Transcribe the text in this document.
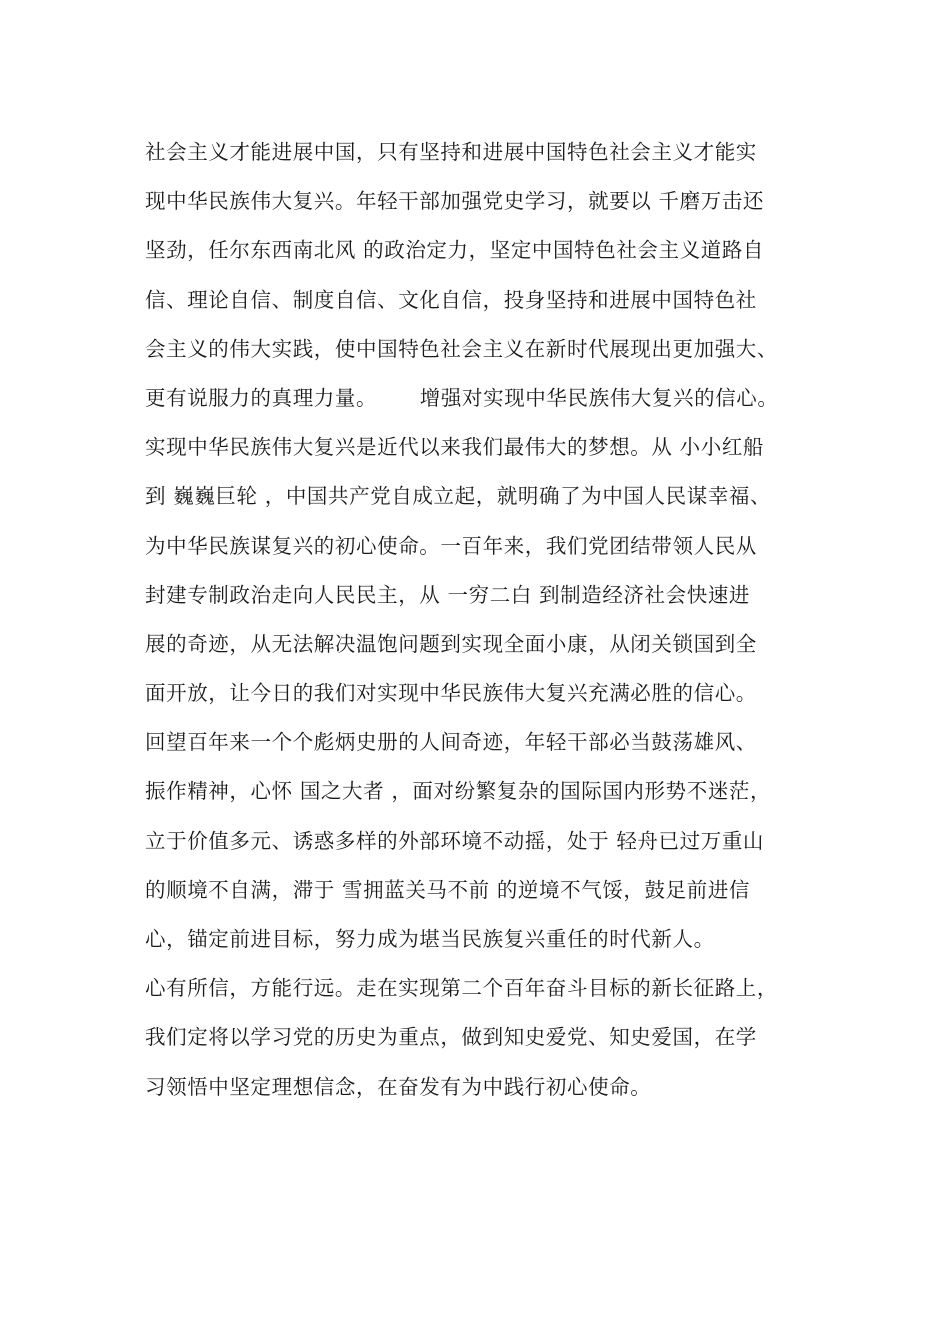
社会主义才能进展中国，只有坚持和进展中国特色社会主义才能实
现中华民族伟大复兴。年轻干部加强党史学习，就要以 千磨万击还
坚劲，任尔东西南北风 的政治定力，坚定中国特色社会主义道路自
信、理论自信、制度自信、文化自信，投身坚持和进展中国特色社
会主义的伟大实践，使中国特色社会主义在新时代展现出更加强大、
更有说服力的真理力量。      增强对实现中华民族伟大复兴的信心。
实现中华民族伟大复兴是近代以来我们最伟大的梦想。从 小小红船
到 巍巍巨轮 ，中国共产党自成立起，就明确了为中国人民谋幸福、
为中华民族谋复兴的初心使命。一百年来，我们党团结带领人民从
封建专制政治走向人民民主，从 一穷二白 到制造经济社会快速进
展的奇迹，从无法解决温饱问题到实现全面小康，从闭关锁国到全
面开放，让今日的我们对实现中华民族伟大复兴充满必胜的信心。
回望百年来一个个彪炳史册的人间奇迹，年轻干部必当鼓荡雄风、
振作精神，心怀 国之大者 ，面对纷繁复杂的国际国内形势不迷茫，
立于价值多元、诱惑多样的外部环境不动摇，处于 轻舟已过万重山
的顺境不自满，滞于 雪拥蓝关马不前 的逆境不气馁，鼓足前进信
心，锚定前进目标，努力成为堪当民族复兴重任的时代新人。
心有所信，方能行远。走在实现第二个百年奋斗目标的新长征路上，
我们定将以学习党的历史为重点，做到知史爱党、知史爱国，在学
习领悟中坚定理想信念，在奋发有为中践行初心使命。
